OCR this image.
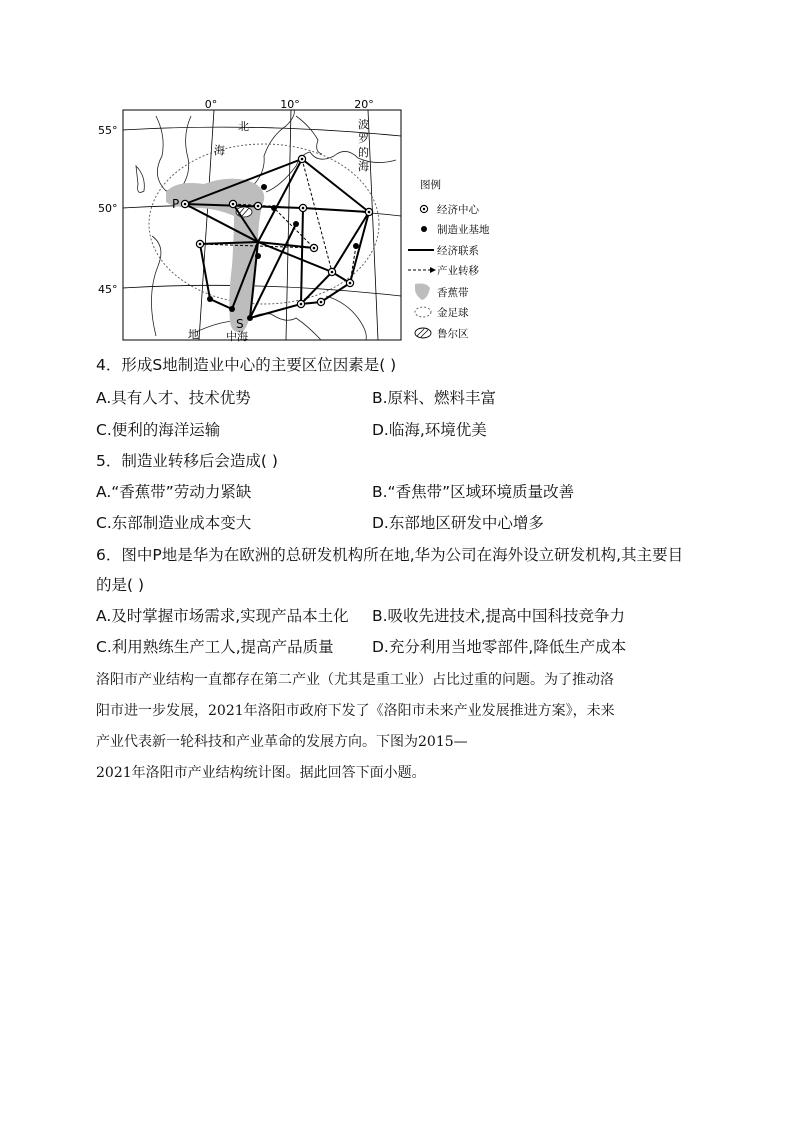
0°	10°	20°
55°
50°
45°
北
海
波
罗
的
海
地 中海
P
S
图例
经济中心
制造业基地
经济联系
产业转移
香蕉带
金足球
鲁尔区
4．形成S地制造业中心的主要区位因素是( )
A.具有人才、技术优势	B.原料、燃料丰富
C.便利的海洋运输	D.临海,环境优美
5．制造业转移后会造成( )
A.“香蕉带”劳动力紧缺	B.“香焦带”区域环境质量改善
C.东部制造业成本变大	D.东部地区研发中心增多
6．图中P地是华为在欧洲的总研发机构所在地,华为公司在海外设立研发机构,其主要目
的是( )
A.及时掌握市场需求,实现产品本土化 B.吸收先进技术,提高中国科技竞争力
C.利用熟练生产工人,提高产品质量 D.充分利用当地零部件,降低生产成本
洛阳市产业结构一直都存在第二产业（尤其是重工业）占比过重的问题。为了推动洛
阳市进一步发展，2021年洛阳市政府下发了《洛阳市未来产业发展推进方案》，未来
产业代表新一轮科技和产业革命的发展方向。下图为2015—
2021年洛阳市产业结构统计图。据此回答下面小题。
